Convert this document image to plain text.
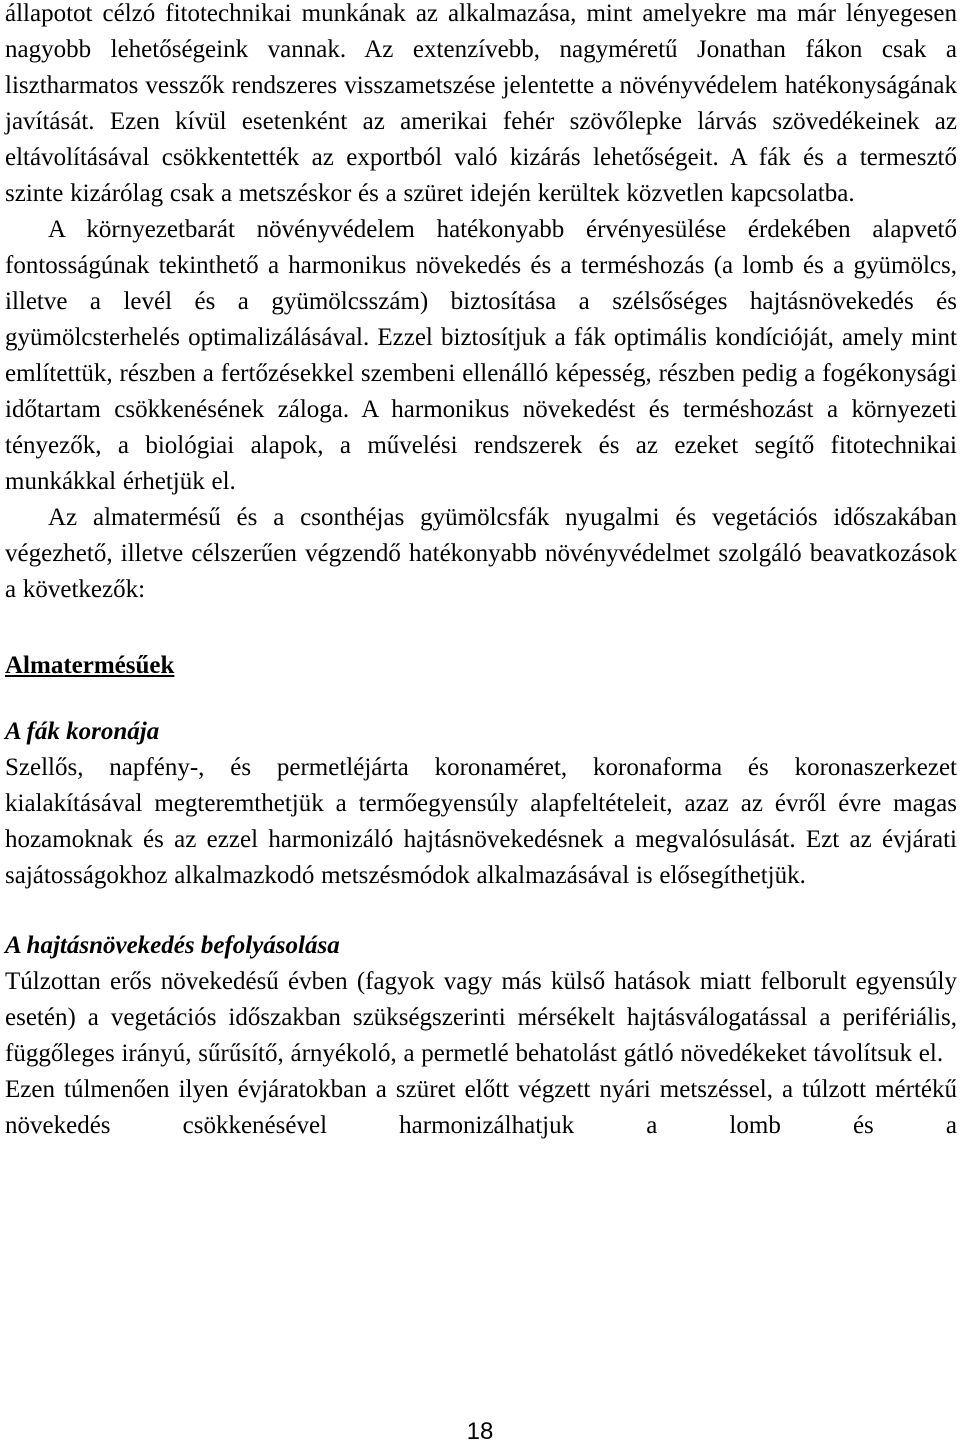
állapotot célzó fitotechnikai munkának az alkalmazása, mint amelyekre ma már lényegesen nagyobb lehetőségeink vannak. Az extenzívebb, nagyméretű Jonathan fákon csak a lisztharmatos vesszők rendszeres visszametszése jelentette a növényvédelem hatékonyságának javítását. Ezen kívül esetenként az amerikai fehér szövőlepke lárvás szövedékeinek az eltávolításával csökkentették az exportból való kizárás lehetőségeit. A fák és a termesztő szinte kizárólag csak a metszéskor és a szüret idején kerültek közvetlen kapcsolatba.

A környezetbarát növényvédelem hatékonyabb érvényesülése érdekében alapvető fontosságúnak tekinthető a harmonikus növekedés és a terméshozás (a lomb és a gyümölcs, illetve a levél és a gyümölcsszám) biztosítása a szélsőséges hajtásnövekedés és gyümölcsterhelés optimalizálásával. Ezzel biztosítjuk a fák optimális kondícióját, amely mint említettük, részben a fertőzésekkel szembeni ellenálló képesség, részben pedig a fogékonysági időtartam csökkenésének záloga. A harmonikus növekedést és terméshozást a környezeti tényezők, a biológiai alapok, a művelési rendszerek és az ezeket segítő fitotechnikai munkákkal érhetjük el.

Az almatermésű és a csonthéjas gyümölcsfák nyugalmi és vegetációs időszakában végezhető, illetve célszerűen végzendő hatékonyabb növényvédelmet szolgáló beavatkozások a következők:

Almatermésűek
A fák koronája

Szellős, napfény-, és permetléjárta koronaméret, koronaforma és koronaszerkezet kialakításával megteremthetjük a termőegyensúly alapfeltételeit, azaz az évről évre magas hozamoknak és az ezzel harmonizáló hajtásnövekedésnek a megvalósulását. Ezt az évjárati sajátosságokhoz alkalmazkodó metszésmódok alkalmazásával is elősegíthetjük.

A hajtásnövekedés befolyásolása

Túlzottan erős növekedésű évben (fagyok vagy más külső hatások miatt felborult egyensúly esetén) a vegetációs időszakban szükségszerinti mérsékelt hajtásválogatással a perifériális, függőleges irányú, sűrűsítő, árnyékoló, a permetlé behatolást gátló növedékeket távolítsuk el.

Ezen túlmenően ilyen évjáratokban a szüret előtt végzett nyári metszéssel, a túlzott mértékű növekedés csökkenésével harmonizálhatjuk a lomb és a

18
